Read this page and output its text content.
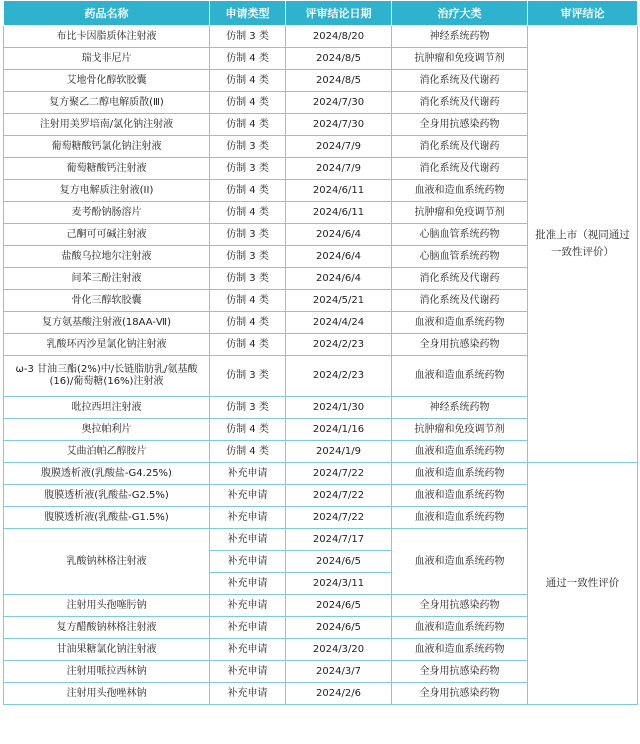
药品名称	申请类型	评审结论日期	治疗大类	审评结论
布比卡因脂质体注射液	仿制 3 类	2024/8/20	神经系统药物	批准上市（视同通过一致性评价）
瑞戈非尼片	仿制 4 类	2024/8/5	抗肿瘤和免疫调节剂	
艾地骨化醇软胶囊	仿制 4 类	2024/8/5	消化系统及代谢药	
复方聚乙二醇电解质散(Ⅲ)	仿制 4 类	2024/7/30	消化系统及代谢药	
注射用美罗培南/氯化钠注射液	仿制 4 类	2024/7/30	全身用抗感染药物	
葡萄糖酸钙氯化钠注射液	仿制 3 类	2024/7/9	消化系统及代谢药	
葡萄糖酸钙注射液	仿制 3 类	2024/7/9	消化系统及代谢药	
复方电解质注射液(II)	仿制 4 类	2024/6/11	血液和造血系统药物	
麦考酚钠肠溶片	仿制 4 类	2024/6/11	抗肿瘤和免疫调节剂	
己酮可可碱注射液	仿制 3 类	2024/6/4	心脑血管系统药物	
盐酸乌拉地尔注射液	仿制 3 类	2024/6/4	心脑血管系统药物	
间苯三酚注射液	仿制 3 类	2024/6/4	消化系统及代谢药	
骨化三醇软胶囊	仿制 4 类	2024/5/21	消化系统及代谢药	
复方氨基酸注射液(18AA-Ⅶ)	仿制 4 类	2024/4/24	血液和造血系统药物	
乳酸环丙沙星氯化钠注射液	仿制 4 类	2024/2/23	全身用抗感染药物	
ω-3 甘油三酯(2%)中/长链脂肪乳/氨基酸(16)/葡萄糖(16%)注射液	仿制 3 类	2024/2/23	血液和造血系统药物	
吡拉西坦注射液	仿制 3 类	2024/1/30	神经系统药物	
奥拉帕利片	仿制 4 类	2024/1/16	抗肿瘤和免疫调节剂	
艾曲泊帕乙醇胺片	仿制 4 类	2024/1/9	血液和造血系统药物	
腹膜透析液(乳酸盐-G4.25%)	补充申请	2024/7/22	血液和造血系统药物	通过一致性评价
腹膜透析液(乳酸盐-G2.5%)	补充申请	2024/7/22	血液和造血系统药物	
腹膜透析液(乳酸盐-G1.5%)	补充申请	2024/7/22	血液和造血系统药物	
乳酸钠林格注射液	补充申请	2024/7/17	血液和造血系统药物	
	补充申请	2024/6/5		
	补充申请	2024/3/11		
注射用头孢噻肟钠	补充申请	2024/6/5	全身用抗感染药物	
复方醋酸钠林格注射液	补充申请	2024/6/5	血液和造血系统药物	
甘油果糖氯化钠注射液	补充申请	2024/3/20	血液和造血系统药物	
注射用哌拉西林钠	补充申请	2024/3/7	全身用抗感染药物	
注射用头孢唑林钠	补充申请	2024/2/6	全身用抗感染药物	
